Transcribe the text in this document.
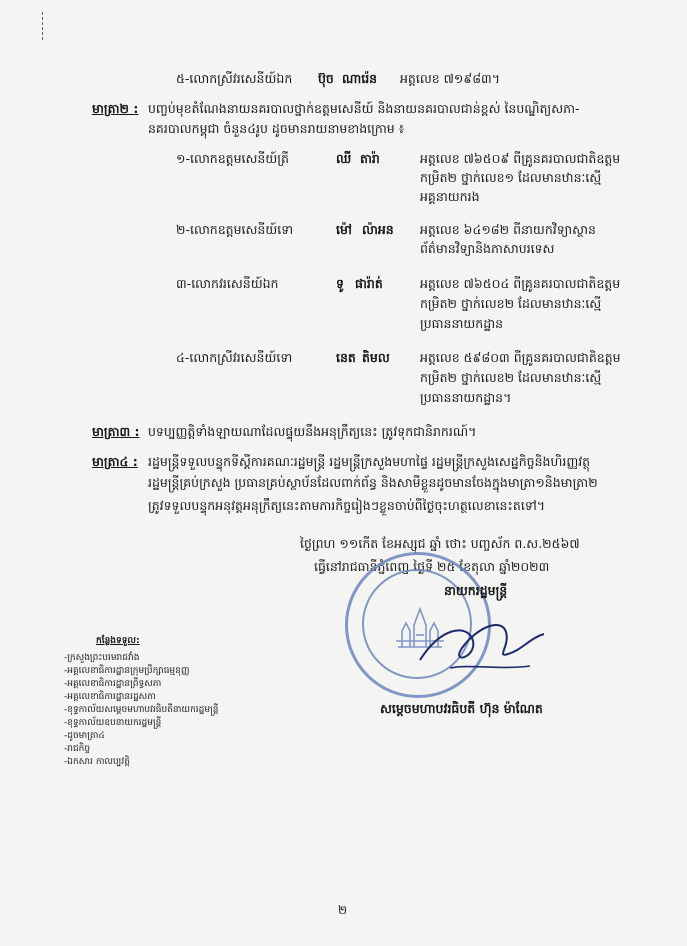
៥-លោកស្រីវរសេនីយ៍ឯក ប៊ុច ណារ៉េន អត្តលេខ ៧១៩៨៣។
មាត្រា២ : បញ្ចប់មុខតំណែងនាយនគរបាលថ្នាក់ឧត្តមសេនីយ៍ និងនាយនគរបាលជាន់ខ្ពស់ នៃបណ្ឌិត្យសភា-
នគរបាលកម្ពុជា ចំនួន៤រូប ដូចមានរាយនាមខាងក្រោម ៖
១-លោកឧត្តមសេនីយ៍ត្រី	ឈី តារ៉ា	អត្តលេខ ៧៦៥០៩ ពីគ្រូនគរបាលជាតិឧត្តម
កម្រិត២ ថ្នាក់លេខ១ ដែលមានឋានៈស្មើ
អគ្គនាយករង
២-លោកឧត្តមសេនីយ៍ទោ	ម៉ៅ ល៉ាអន អត្តលេខ ៦៤១៨២ ពីនាយកវិទ្យាស្ថាន
ព័ត៌មានវិទ្យានិងភាសាបរទេស
៣-លោកវរសេនីយ៍ឯក	ទូ ផារ៉ាត់	អត្តលេខ ៧៦៥០៤ ពីគ្រូនគរបាលជាតិឧត្តម
កម្រិត២ ថ្នាក់លេខ២ ដែលមានឋានៈស្មើ
ប្រធាននាយកដ្ឋាន
៤-លោកស្រីវរសេនីយ៍ទោ	នេត តិមល អត្តលេខ ៥៩៨០៣ ពីគ្រូនគរបាលជាតិឧត្តម
កម្រិត២ ថ្នាក់លេខ២ ដែលមានឋានៈស្មើ
ប្រធាននាយកដ្ឋាន។
មាត្រា៣ : បទប្បញ្ញត្តិទាំងឡាយណាដែលផ្ទុយនឹងអនុក្រឹត្យនេះ ត្រូវទុកជានិរាករណ៍។
មាត្រា៤ : រដ្ឋមន្ត្រីទទួលបន្ទុកទីស្តីការគណៈរដ្ឋមន្ត្រី រដ្ឋមន្ត្រីក្រសួងមហាផ្ទៃ រដ្ឋមន្ត្រីក្រសួងសេដ្ឋកិច្ចនិងហិរញ្ញវត្ថុ
រដ្ឋមន្ត្រីគ្រប់ក្រសួង ប្រធានគ្រប់ស្ថាប័នដែលពាក់ព័ន្ធ និងសាមីខ្លួនដូចមានចែងក្នុងមាត្រា១និងមាត្រា២
ត្រូវទទួលបន្ទុកអនុវត្តអនុក្រឹត្យនេះតាមភារកិច្ចរៀងៗខ្លួនចាប់ពីថ្ងៃចុះហត្ថលេខានេះតទៅ។
ថ្ងៃព្រហ ១១កើត ខែអស្សុជ ឆ្នាំ ថោះ បញ្ចស័ក ព.ស.២៥៦៧
ធ្វើនៅរាជធានីភ្នំពេញ ថ្ងៃទី ២៥ ខែតុលា ឆ្នាំ២០២៣
នាយករដ្ឋមន្ត្រី
សម្តេចមហាបវរធិបតី ហ៊ុន ម៉ាណែត
កន្លែងទទួល:
-ក្រសួងព្រះបរមរាជវាំង
-អគ្គលេខាធិការដ្ឋានក្រុមប្រឹក្សាធម្មនុញ្ញ
-អគ្គលេខាធិការដ្ឋានព្រឹទ្ធសភា
-អគ្គលេខាធិការដ្ឋានរដ្ឋសភា
-ខុទ្ទកាល័យសម្តេចមហាបវរធិបតីនាយករដ្ឋមន្ត្រី
-ខុទ្ទកាល័យឧបនាយករដ្ឋមន្ត្រី
-ដូចមាត្រា៤
-រាជកិច្ច
-ឯកសារ កាលប្បវត្តិ
២
